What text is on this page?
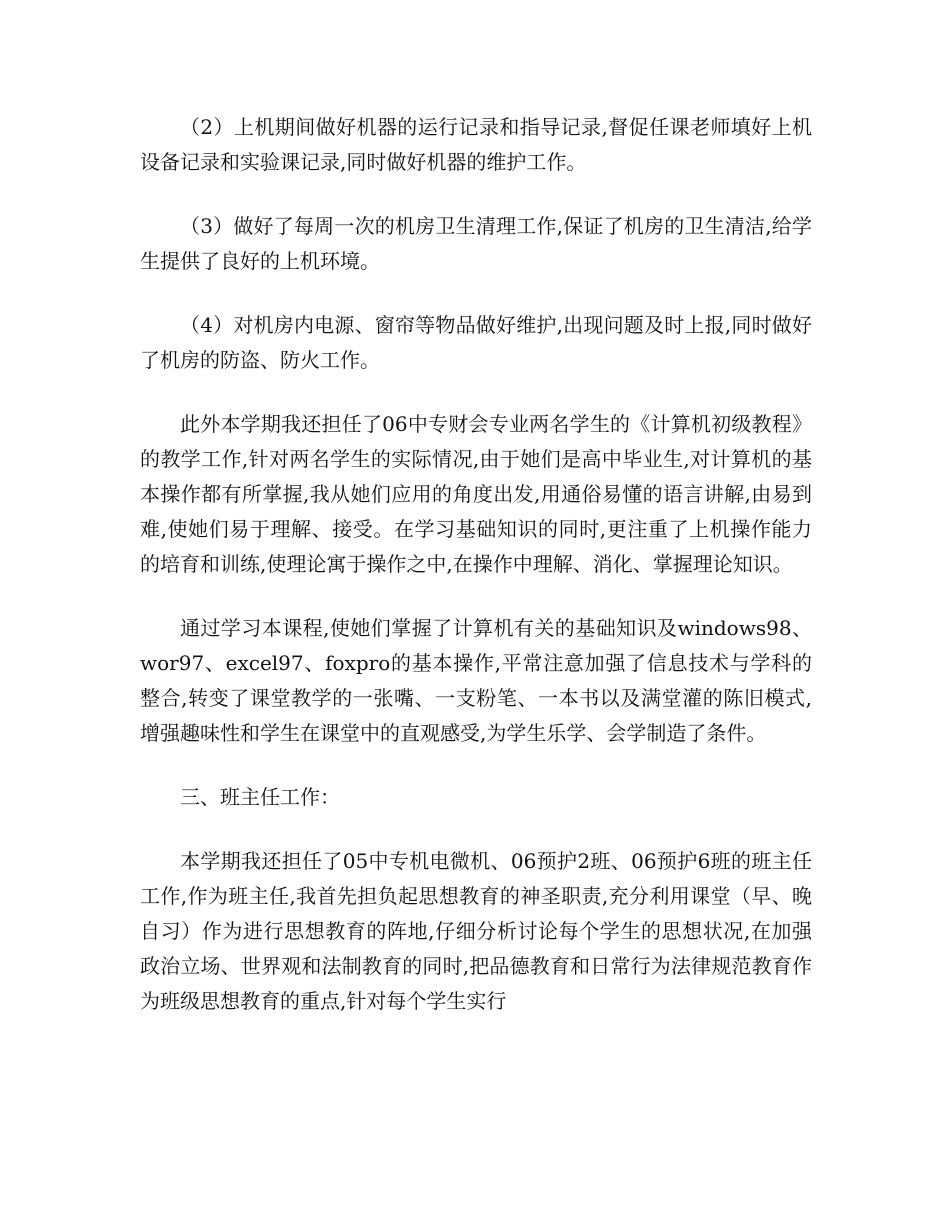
（2）上机期间做好机器的运行记录和指导记录,督促任课老师填好上机设备记录和实验课记录,同时做好机器的维护工作。

（3）做好了每周一次的机房卫生清理工作,保证了机房的卫生清洁,给学生提供了良好的上机环境。

（4）对机房内电源、窗帘等物品做好维护,出现问题及时上报,同时做好了机房的防盗、防火工作。

此外本学期我还担任了06中专财会专业两名学生的《计算机初级教程》的教学工作,针对两名学生的实际情况,由于她们是高中毕业生,对计算机的基本操作都有所掌握,我从她们应用的角度出发,用通俗易懂的语言讲解,由易到难,使她们易于理解、接受。在学习基础知识的同时,更注重了上机操作能力的培育和训练,使理论寓于操作之中,在操作中理解、消化、掌握理论知识。

通过学习本课程,使她们掌握了计算机有关的基础知识及windows98、wor97、excel97、foxpro的基本操作,平常注意加强了信息技术与学科的整合,转变了课堂教学的一张嘴、一支粉笔、一本书以及满堂灌的陈旧模式,增强趣味性和学生在课堂中的直观感受,为学生乐学、会学制造了条件。

三、班主任工作：

本学期我还担任了05中专机电微机、06预护2班、06预护6班的班主任工作,作为班主任,我首先担负起思想教育的神圣职责,充分利用课堂（早、晚自习）作为进行思想教育的阵地,仔细分析讨论每个学生的思想状况,在加强政治立场、世界观和法制教育的同时,把品德教育和日常行为法律规范教育作为班级思想教育的重点,针对每个学生实行
